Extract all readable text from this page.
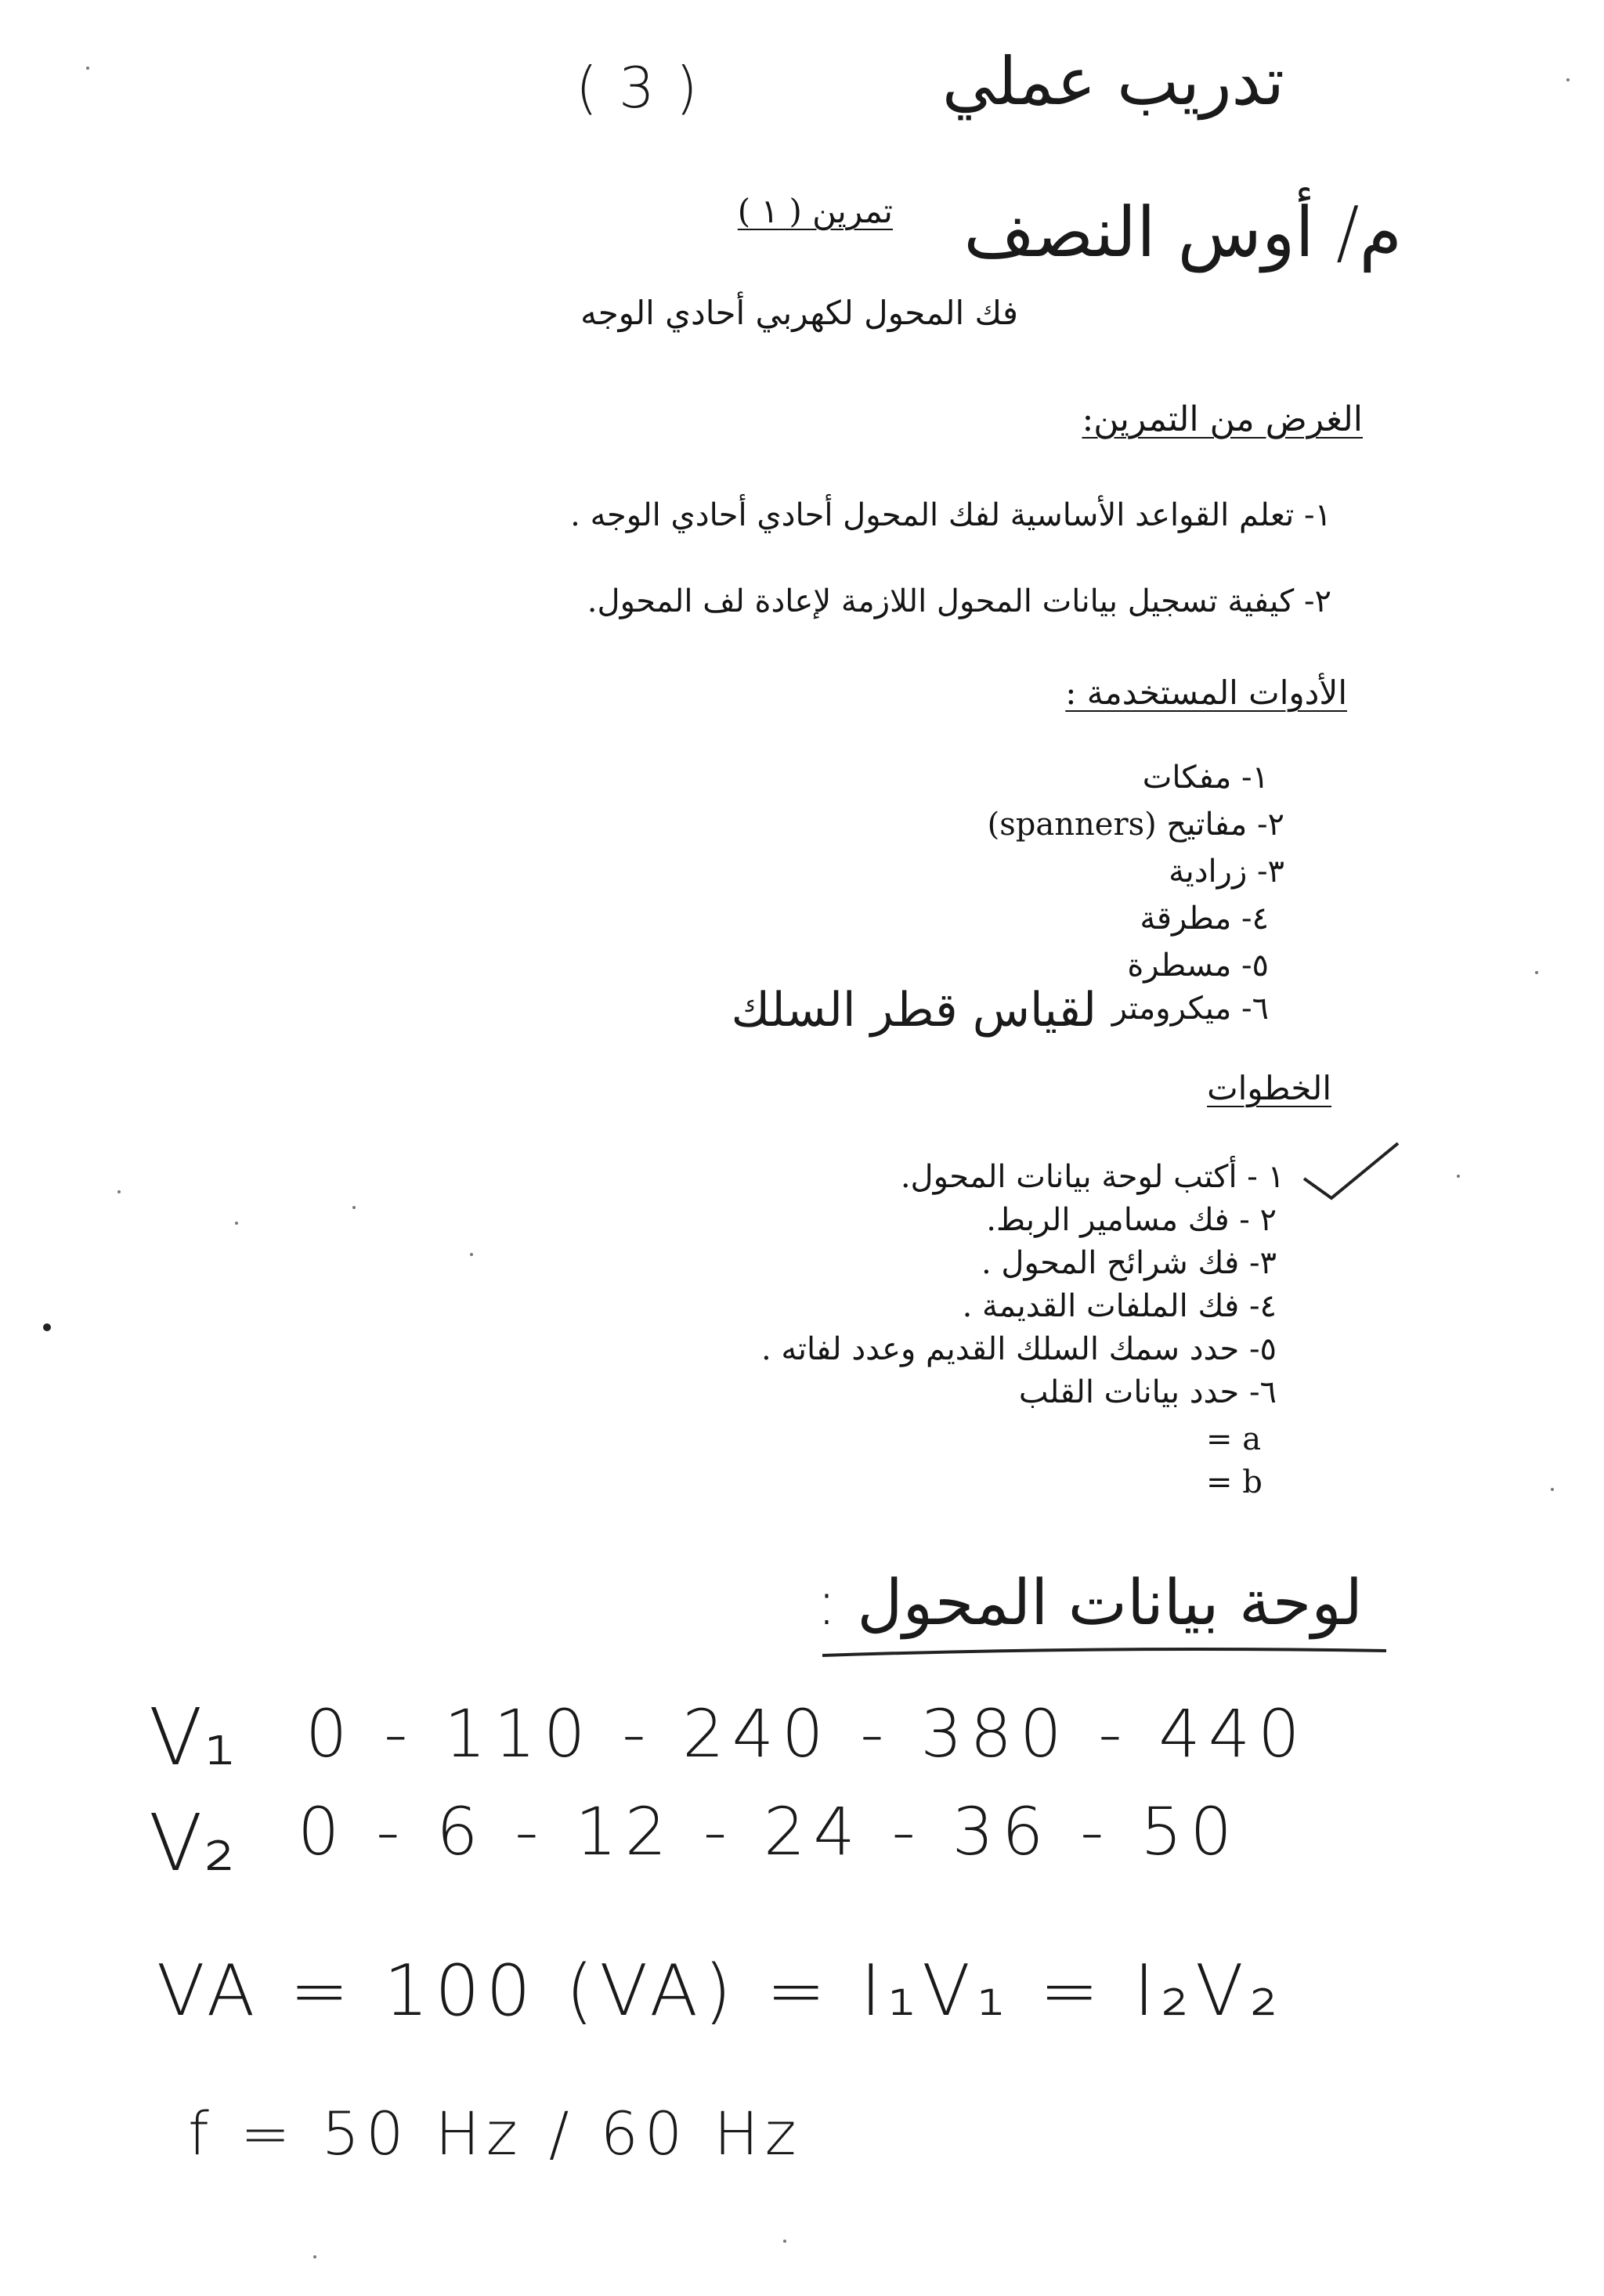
( 3 )	تدريب عملي
تمرين ( ١ )	م/ أوس النصف
فك المحول لكهربي أحادي الوجه
الغرض من التمرين:
١- تعلم القواعد الأساسية لفك المحول أحادي أحادي الوجه .
٢- كيفية تسجيل بيانات المحول اللازمة لإعادة لف المحول.
الأدوات المستخدمة :
١- مفكات
٢- مفاتيح (spanners)
٣- زرادية
٤- مطرقة
٥- مسطرة
٦- ميكرومتر
لقياس قطر السلك
الخطوات
١ - أكتب لوحة بيانات المحول.
٢ - فك مسامير الربط.
٣- فك شرائح المحول .
٤- فك الملفات القديمة .
٥- حدد سمك السلك القديم وعدد لفاته .
٦- حدد بيانات القلب
= a
= b
لوحة بيانات المحول :
V₁ 0 - 110 - 240 - 380 - 440
V₂ 0 - 6 - 12 - 24 - 36 - 50
VA = 100 (VA) = I₁V₁ = I₂V₂
f = 50 Hz / 60 Hz
